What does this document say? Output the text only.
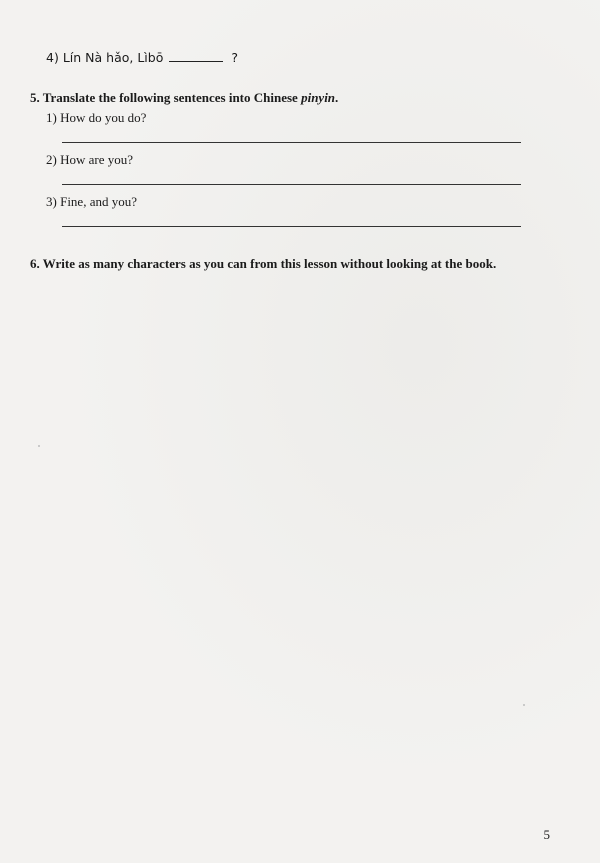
4) Lín Nà hǎo, Lìbō	?
5. Translate the following sentences into Chinese pinyin.
1) How do you do?
2) How are you?
3) Fine, and you?
6. Write as many characters as you can from this lesson without looking at the book.
5
